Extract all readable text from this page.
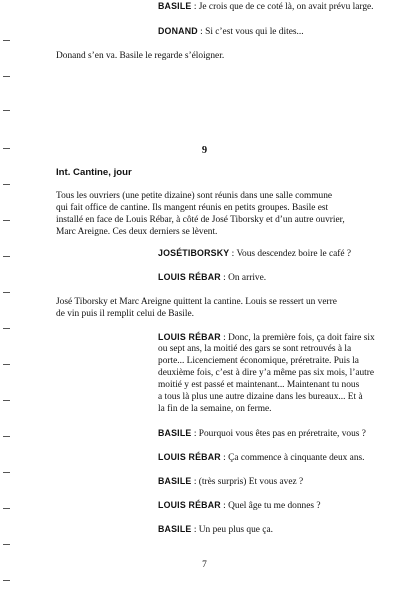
BASILE : Je crois que de ce coté là, on avait prévu large.
DONAND : Si c’est vous qui le dites...
Donand s’en va. Basile le regarde s’éloigner.
9
Int. Cantine, jour
Tous les ouvriers (une petite dizaine) sont réunis dans une salle commune
qui fait office de cantine. Ils mangent réunis en petits groupes. Basile est
installé en face de Louis Rébar, à côté de José Tiborsky et d’un autre ouvrier,
Marc Areigne. Ces deux derniers se lèvent.
JOSÉTIBORSKY : Vous descendez boire le café ?
LOUIS RÉBAR : On arrive.
José Tiborsky et Marc Areigne quittent la cantine. Louis se ressert un verre
de vin puis il remplit celui de Basile.
LOUIS RÉBAR : Donc, la première fois, ça doit faire six
ou sept ans, la moitié des gars se sont retrouvés à la
porte... Licenciement économique, préretraite. Puis la
deuxième fois, c’est à dire y’a même pas six mois, l’autre
moitié y est passé et maintenant... Maintenant tu nous
a tous là plus une autre dizaine dans les bureaux... Et à
la fin de la semaine, on ferme.
BASILE : Pourquoi vous êtes pas en préretraite, vous ?
LOUIS RÉBAR : Ça commence à cinquante deux ans.
BASILE : (très surpris) Et vous avez ?
LOUIS RÉBAR : Quel âge tu me donnes ?
BASILE : Un peu plus que ça.
7
